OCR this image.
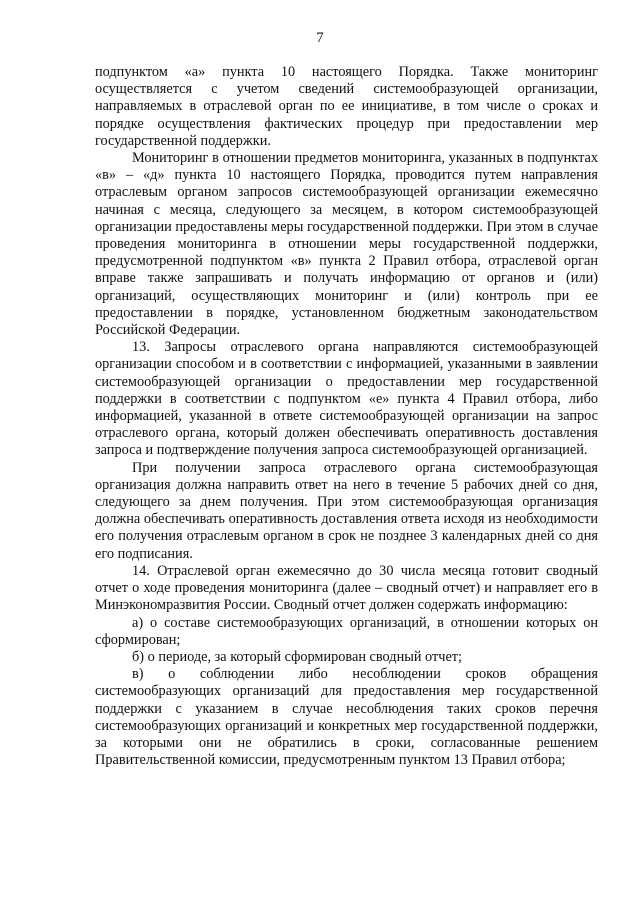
7

подпунктом «а» пункта 10 настоящего Порядка. Также мониторинг осуществляется с учетом сведений системообразующей организации, направляемых в отраслевой орган по ее инициативе, в том числе о сроках и порядке осуществления фактических процедур при предоставлении мер государственной поддержки.

Мониторинг в отношении предметов мониторинга, указанных в подпунктах «в» – «д» пункта 10 настоящего Порядка, проводится путем направления отраслевым органом запросов системообразующей организации ежемесячно начиная с месяца, следующего за месяцем, в котором системообразующей организации предоставлены меры государственной поддержки. При этом в случае проведения мониторинга в отношении меры государственной поддержки, предусмотренной подпунктом «в» пункта 2 Правил отбора, отраслевой орган вправе также запрашивать и получать информацию от органов и (или) организаций, осуществляющих мониторинг и (или) контроль при ее предоставлении в порядке, установленном бюджетным законодательством Российской Федерации.

13. Запросы отраслевого органа направляются системообразующей организации способом и в соответствии с информацией, указанными в заявлении системообразующей организации о предоставлении мер государственной поддержки в соответствии с подпунктом «е» пункта 4 Правил отбора, либо информацией, указанной в ответе системообразующей организации на запрос отраслевого органа, который должен обеспечивать оперативность доставления запроса и подтверждение получения запроса системообразующей организацией.

При получении запроса отраслевого органа системообразующая организация должна направить ответ на него в течение 5 рабочих дней со дня, следующего за днем получения. При этом системообразующая организация должна обеспечивать оперативность доставления ответа исходя из необходимости его получения отраслевым органом в срок не позднее 3 календарных дней со дня его подписания.

14. Отраслевой орган ежемесячно до 30 числа месяца готовит сводный отчет о ходе проведения мониторинга (далее – сводный отчет) и направляет его в Минэкономразвития России. Сводный отчет должен содержать информацию:

а) о составе системообразующих организаций, в отношении которых он сформирован;

б) о периоде, за который сформирован сводный отчет;

в) о соблюдении либо несоблюдении сроков обращения системообразующих организаций для предоставления мер государственной поддержки с указанием в случае несоблюдения таких сроков перечня системообразующих организаций и конкретных мер государственной поддержки, за которыми они не обратились в сроки, согласованные решением Правительственной комиссии, предусмотренным пунктом 13 Правил отбора;
